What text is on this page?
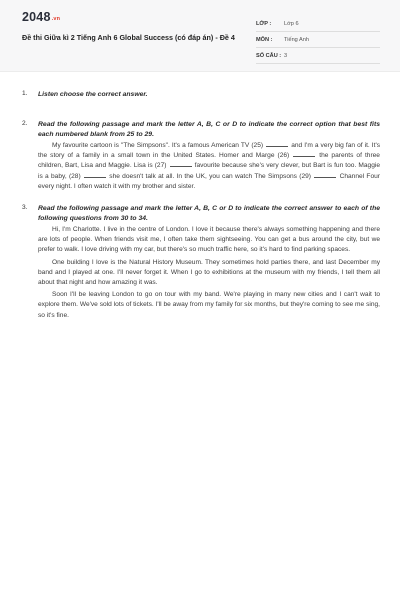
2048.vn
Đề thi Giữa kì 2 Tiếng Anh 6 Global Success (có đáp án) - Đề 4
LỚP :	Lớp 6
MÔN :	Tiếng Anh
SỐ CÂU : 3
1. Listen choose the correct answer.
2. Read the following passage and mark the letter A, B, C or D to indicate the correct option that best fits each numbered blank from 25 to 29.
My favourite cartoon is "The Simpsons". It's a famous American TV (25)	and I'm a very big fan of it. It's the story of a family in a small town in the United States. Homer and Marge (26)	the parents of three children, Bart, Lisa and Maggie. Lisa is (27)	favourite because she's very clever, but Bart is fun too. Maggie is a baby, (28)	she doesn't talk at all. In the UK, you can watch The Simpsons (29)	Channel Four every night. I often watch it with my brother and sister.
3. Read the following passage and mark the letter A, B, C or D to indicate the correct answer to each of the following questions from 30 to 34.
Hi, I'm Charlotte. I live in the centre of London. I love it because there's always something happening and there are lots of people. When friends visit me, I often take them sightseeing. You can get a bus around the city, but we prefer to walk. I love driving with my car, but there's so much traffic here, so it's hard to find parking spaces.
One building I love is the Natural History Museum. They sometimes hold parties there, and last December my band and I played at one. I'll never forget it. When I go to exhibitions at the museum with my friends, I tell them all about that night and how amazing it was.
Soon I'll be leaving London to go on tour with my band. We're playing in many new cities and I can't wait to explore them. We've sold lots of tickets. I'll be away from my family for six months, but they're coming to see me sing, so it's fine.
